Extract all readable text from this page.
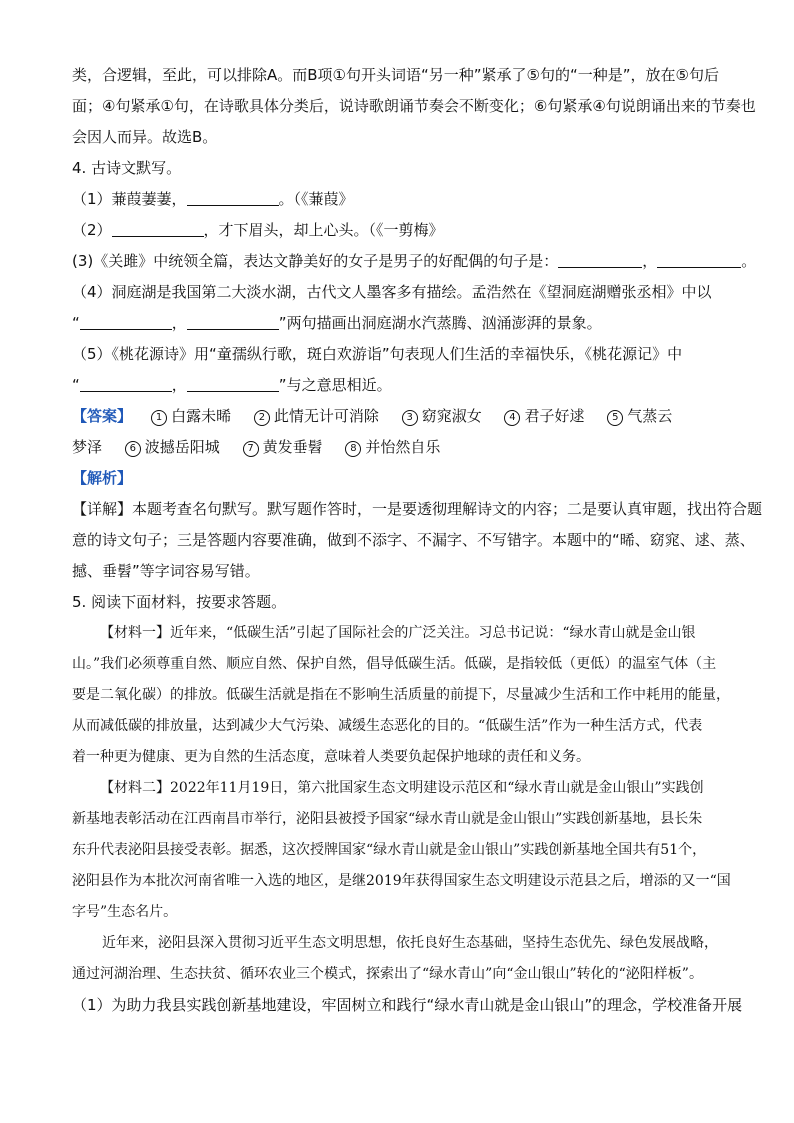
类，合逻辑，至此，可以排除A。而B项①句开头词语“另一种”紧承了⑤句的“一种是”，放在⑤句后

面；④句紧承①句，在诗歌具体分类后，说诗歌朗诵节奏会不断变化；⑥句紧承④句说朗诵出来的节奏也

会因人而异。故选B。

4. 古诗文默写。

（1）蒹葭萋萋，	。（《蒹葭》

（2）	，才下眉头，却上心头。（《一剪梅》

(3)《关雎》中统领全篇，表达文静美好的女子是男子的好配偶的句子是：	，	。

（4）洞庭湖是我国第二大淡水湖，古代文人墨客多有描绘。孟浩然在《望洞庭湖赠张丞相》中以

“	，	”两句描画出洞庭湖水汽蒸腾、汹涌澎湃的景象。

（5）《桃花源诗》用“童孺纵行歌，斑白欢游诣”句表现人们生活的幸福快乐，《桃花源记》中

“	，	”与之意思相近。

【答案】 1 白露未晞	2 此情无计可消除	3 窈窕淑女	4 君子好逑	5 气蒸云

梦泽	6 波撼岳阳城	7 黄发垂髫	8 并怡然自乐

【解析】

【详解】本题考查名句默写。默写题作答时，一是要透彻理解诗文的内容；二是要认真审题，找出符合题

意的诗文句子；三是答题内容要准确，做到不添字、不漏字、不写错字。本题中的“晞、窈窕、逑、蒸、

撼、垂髫”等字词容易写错。

5. 阅读下面材料，按要求答题。

【材料一】近年来，“低碳生活”引起了国际社会的广泛关注。习总书记说：“绿水青山就是金山银

山。”我们必须尊重自然、顺应自然、保护自然，倡导低碳生活。低碳，是指较低（更低）的温室气体（主

要是二氧化碳）的排放。低碳生活就是指在不影响生活质量的前提下，尽量减少生活和工作中耗用的能量，

从而减低碳的排放量，达到减少大气污染、减缓生态恶化的目的。“低碳生活”作为一种生活方式，代表

着一种更为健康、更为自然的生活态度，意味着人类要负起保护地球的责任和义务。

【材料二】2022年11月19日，第六批国家生态文明建设示范区和“绿水青山就是金山银山”实践创

新基地表彰活动在江西南昌市举行，泌阳县被授予国家“绿水青山就是金山银山”实践创新基地，县长朱

东升代表泌阳县接受表彰。据悉，这次授牌国家“绿水青山就是金山银山”实践创新基地全国共有51个，

泌阳县作为本批次河南省唯一入选的地区，是继2019年获得国家生态文明建设示范县之后，增添的又一“国

字号”生态名片。

近年来，泌阳县深入贯彻习近平生态文明思想，依托良好生态基础，坚持生态优先、绿色发展战略，

通过河湖治理、生态扶贫、循环农业三个模式，探索出了“绿水青山”向“金山银山”转化的“泌阳样板”。

（1）为助力我县实践创新基地建设，牢固树立和践行“绿水青山就是金山银山”的理念，学校准备开展
